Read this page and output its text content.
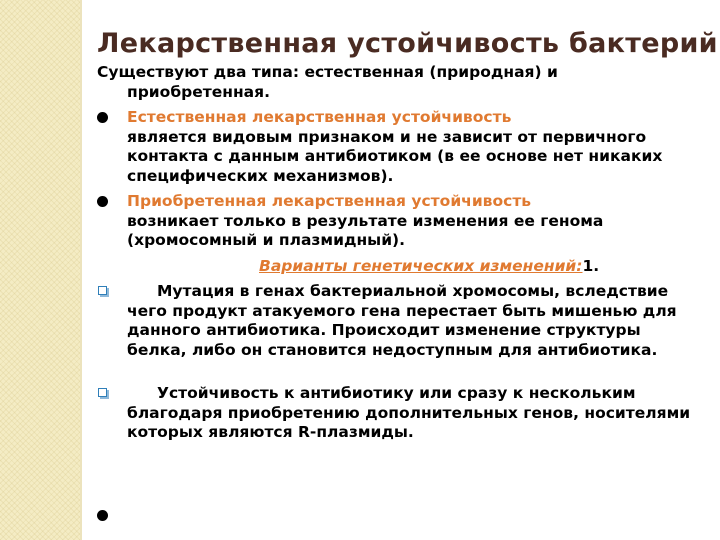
Лекарственная устойчивость бактерий

Существуют два типа: естественная (природная) и
приобретенная.

Естественная лекарственная устойчивость
является видовым признаком и не зависит от первичного контакта с данным антибиотиком (в ее основе нет никаких специфических механизмов).

Приобретенная лекарственная устойчивость
возникает только в результате изменения ее генома (хромосомный и плазмидный).

Варианты генетических изменений:1.

Мутация в генах бактериальной хромосомы, вследствие чего продукт атакуемого гена перестает быть мишенью для данного антибиотика. Происходит изменение структуры белка, либо он становится недоступным для антибиотика.

Устойчивость к антибиотику или сразу к нескольким благодаря приобретению дополнительных генов, носителями которых являются R-плазмиды.
